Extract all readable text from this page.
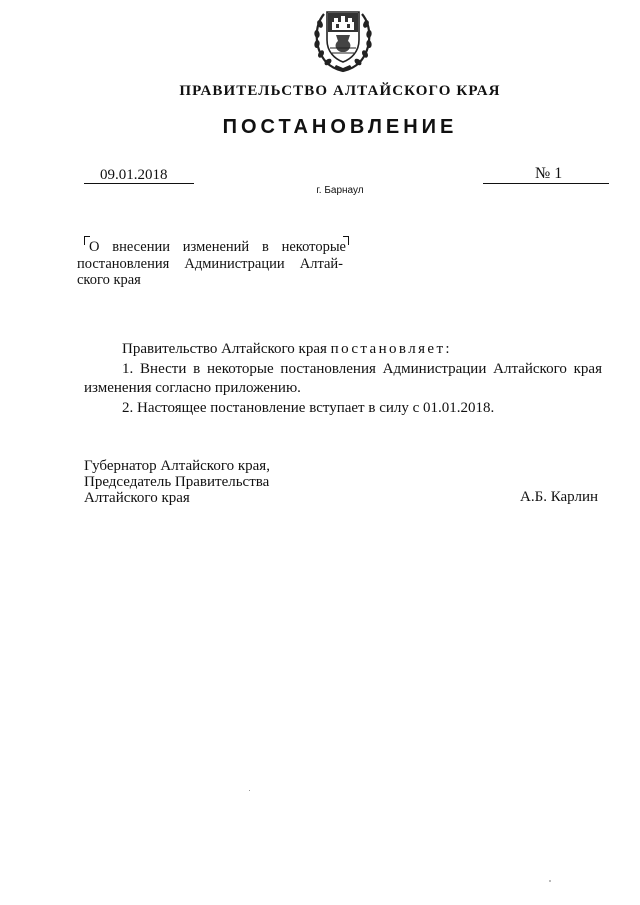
ПРАВИТЕЛЬСТВО АЛТАЙСКОГО КРАЯ
ПОСТАНОВЛЕНИЕ
09.01.2018	№ 1
г. Барнаул
О внесении изменений в некоторые
постановления Администрации Алтай-
ского края

Правительство Алтайского края постановляет:

1. Внести в некоторые постановления Администрации Алтайского края

изменения согласно приложению.

2. Настоящее постановление вступает в силу с 01.01.2018.

Губернатор Алтайского края,
Председатель Правительства
Алтайского края	А.Б. Карлин
